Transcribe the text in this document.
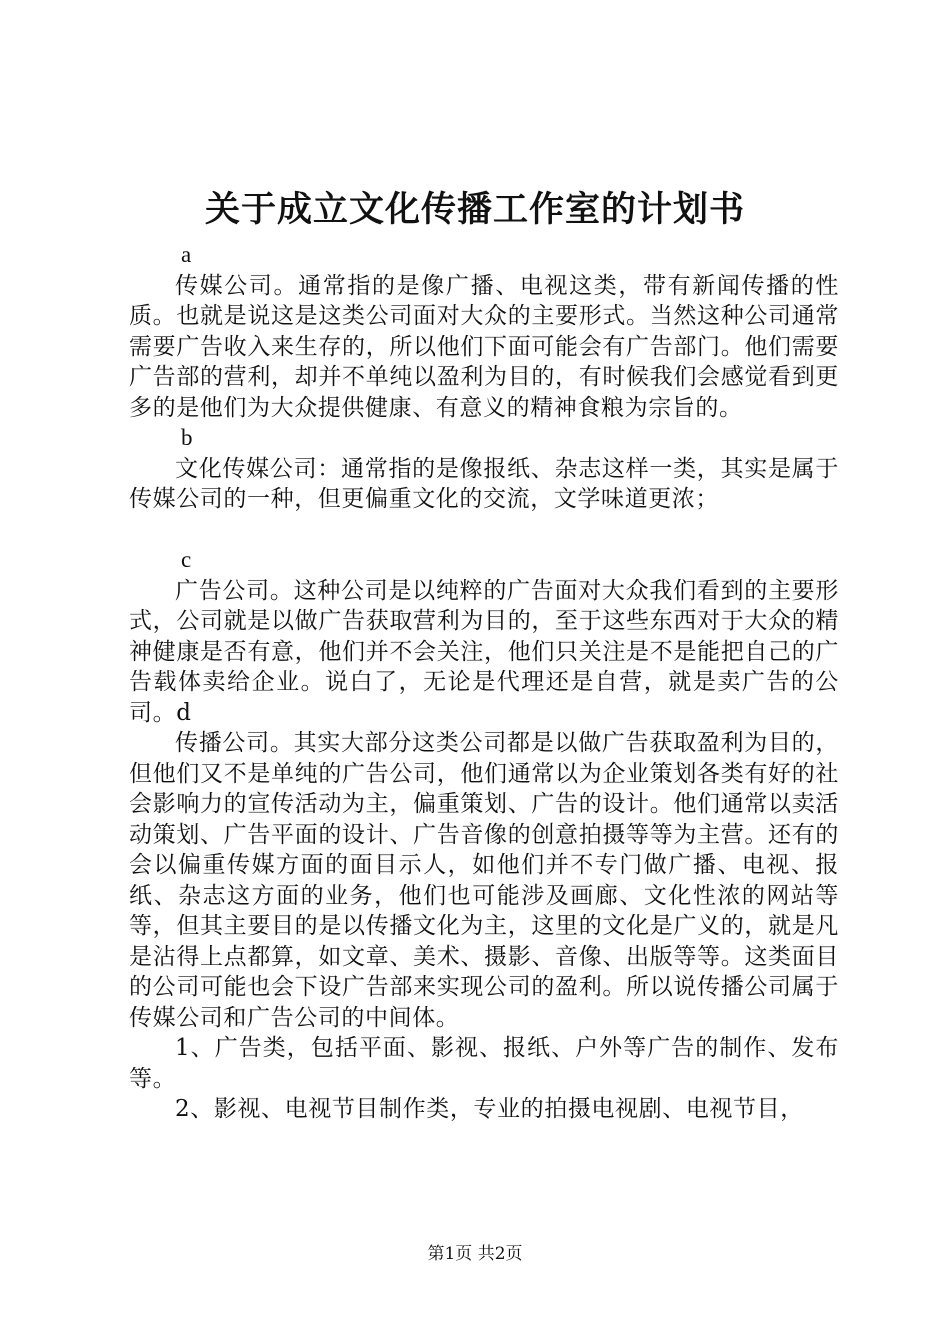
关于成立文化传播工作室的计划书

a

传媒公司。通常指的是像广播、电视这类，带有新闻传播的性质。也就是说这是这类公司面对大众的主要形式。当然这种公司通常需要广告收入来生存的，所以他们下面可能会有广告部门。他们需要广告部的营利，却并不单纯以盈利为目的，有时候我们会感觉看到更多的是他们为大众提供健康、有意义的精神食粮为宗旨的。

b

文化传媒公司：通常指的是像报纸、杂志这样一类，其实是属于传媒公司的一种，但更偏重文化的交流，文学味道更浓；

c

广告公司。这种公司是以纯粹的广告面对大众我们看到的主要形式，公司就是以做广告获取营利为目的，至于这些东西对于大众的精神健康是否有意，他们并不会关注，他们只关注是不是能把自己的广告载体卖给企业。说白了，无论是代理还是自营，就是卖广告的公司。d

传播公司。其实大部分这类公司都是以做广告获取盈利为目的，但他们又不是单纯的广告公司，他们通常以为企业策划各类有好的社会影响力的宣传活动为主，偏重策划、广告的设计。他们通常以卖活动策划、广告平面的设计、广告音像的创意拍摄等等为主营。还有的会以偏重传媒方面的面目示人，如他们并不专门做广播、电视、报纸、杂志这方面的业务，他们也可能涉及画廊、文化性浓的网站等等，但其主要目的是以传播文化为主，这里的文化是广义的，就是凡是沾得上点都算，如文章、美术、摄影、音像、出版等等。这类面目的公司可能也会下设广告部来实现公司的盈利。所以说传播公司属于传媒公司和广告公司的中间体。

1、广告类，包括平面、影视、报纸、户外等广告的制作、发布等。

2、影视、电视节目制作类，专业的拍摄电视剧、电视节目，

第1页 共2页
